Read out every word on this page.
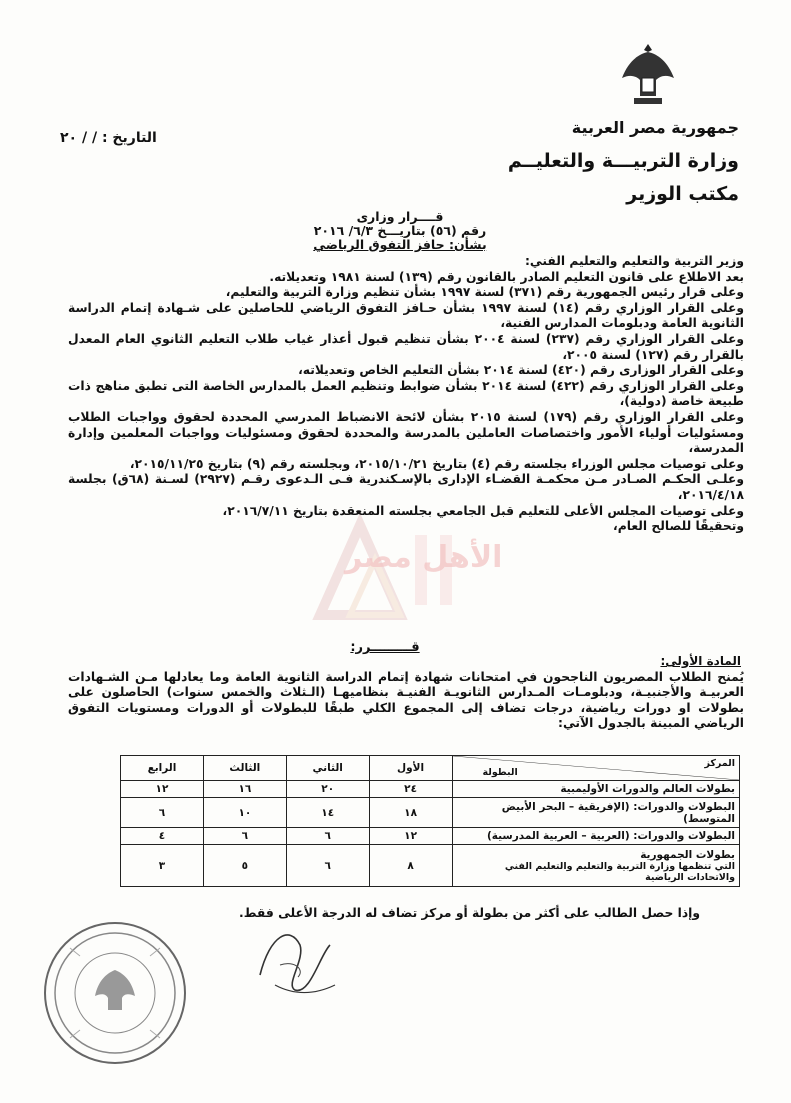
الأهل مصر
التاريخ : / / ٢٠
جمهورية مصر العربية
وزارة التربيـــة والتعليــم
مكتب الوزير
قــــرار وزارى
رقم (٥٦) بتاريـــخ ٦/٣/ ٢٠١٦
بشأن: حافز التفوق الرياضي

وزير التربية والتعليم والتعليم الفني:

بعد الاطلاع على قانون التعليم الصادر بالقانون رقم (١٣٩) لسنة ١٩٨١ وتعديلاته.

وعلى قرار رئيس الجمهورية رقم (٣٧١) لسنة ١٩٩٧ بشأن تنظيم وزارة التربية والتعليم،

وعلى القرار الوزاري رقم (١٤) لسنة ١٩٩٧ بشأن حـافز التفوق الرياضي للحاصلين على شـهادة إتمام الدراسة الثانوية العامة ودبلومات المدارس الفنية،

وعلى القرار الوزاري رقم (٢٣٧) لسنة ٢٠٠٤ بشأن تنظيم قبول أعذار غياب طلاب التعليم الثانوي العام المعدل بالقرار رقم (١٢٧) لسنة ٢٠٠٥،

وعلى القرار الوزارى رقم (٤٢٠) لسنة ٢٠١٤ بشأن التعليم الخاص وتعديلاته،

وعلى القرار الوزاري رقم (٤٢٢) لسنة ٢٠١٤ بشأن ضوابط وتنظيم العمل بالمدارس الخاصة التى تطبق مناهج ذات طبيعة خاصة (دولية)،

وعلى القرار الوزاري رقم (١٧٩) لسنة ٢٠١٥ بشأن لائحة الانضباط المدرسي المحددة لحقوق وواجبات الطلاب ومسئوليات أولياء الأمور واختصاصات العاملين بالمدرسة والمحددة لحقوق ومسئوليات وواجبات المعلمين وإدارة المدرسة،

وعلى توصيات مجلس الوزراء بجلسته رقم (٤) بتاريخ ٢٠١٥/١٠/٢١، وبجلسته رقم (٩) بتاريخ ٢٠١٥/١١/٢٥،

وعلـى الحكـم الصـادر مـن محكمـة القضـاء الإدارى بالإسـكندرية فـى الـدعوى رقـم (٢٩٢٧) لسـنة (٦٨ق) بجلسة ٢٠١٦/٤/١٨،

وعلى توصيات المجلس الأعلى للتعليم قبل الجامعي بجلسته المنعقدة بتاريخ ٢٠١٦/٧/١١،

وتحقيقًا للصالح العام،

قـــــــــرر:
المادة الأولى:
يُمنح الطلاب المصريون الناجحون في امتحانات شهادة إتمام الدراسة الثانوية العامة وما يعادلها مـن الشـهادات العربيـة والأجنبيـة، ودبلومـات المـدارس الثانويـة الفنيـة بنظاميهـا (الـثلاث والخمس سنوات) الحاصلون على بطولات او دورات رياضية، درجات تضاف إلى المجموع الكلي طبقًا للبطولات أو الدورات ومستويات التفوق الرياضي المبينة بالجدول الآتي:
المركز
البطولة	الأول	الثاني	الثالث	الرابع
بطولات العالم والدورات الأوليمبية	٢٤	٢٠	١٦	١٢
البطولات والدورات: (الإفريقية – البحر الأبيض المتوسط)	١٨	١٤	١٠	٦
البطولات والدورات: (العربية – العربية المدرسية)	١٢	٦	٦	٤

بطولات الجمهورية
التي تنظمها وزارة التربية والتعليم والتعليم الفني والاتحادات الرياضية	٨	٦	٥	٣
وإذا حصل الطالب على أكثر من بطولة أو مركز تضاف له الدرجة الأعلى فقط.
